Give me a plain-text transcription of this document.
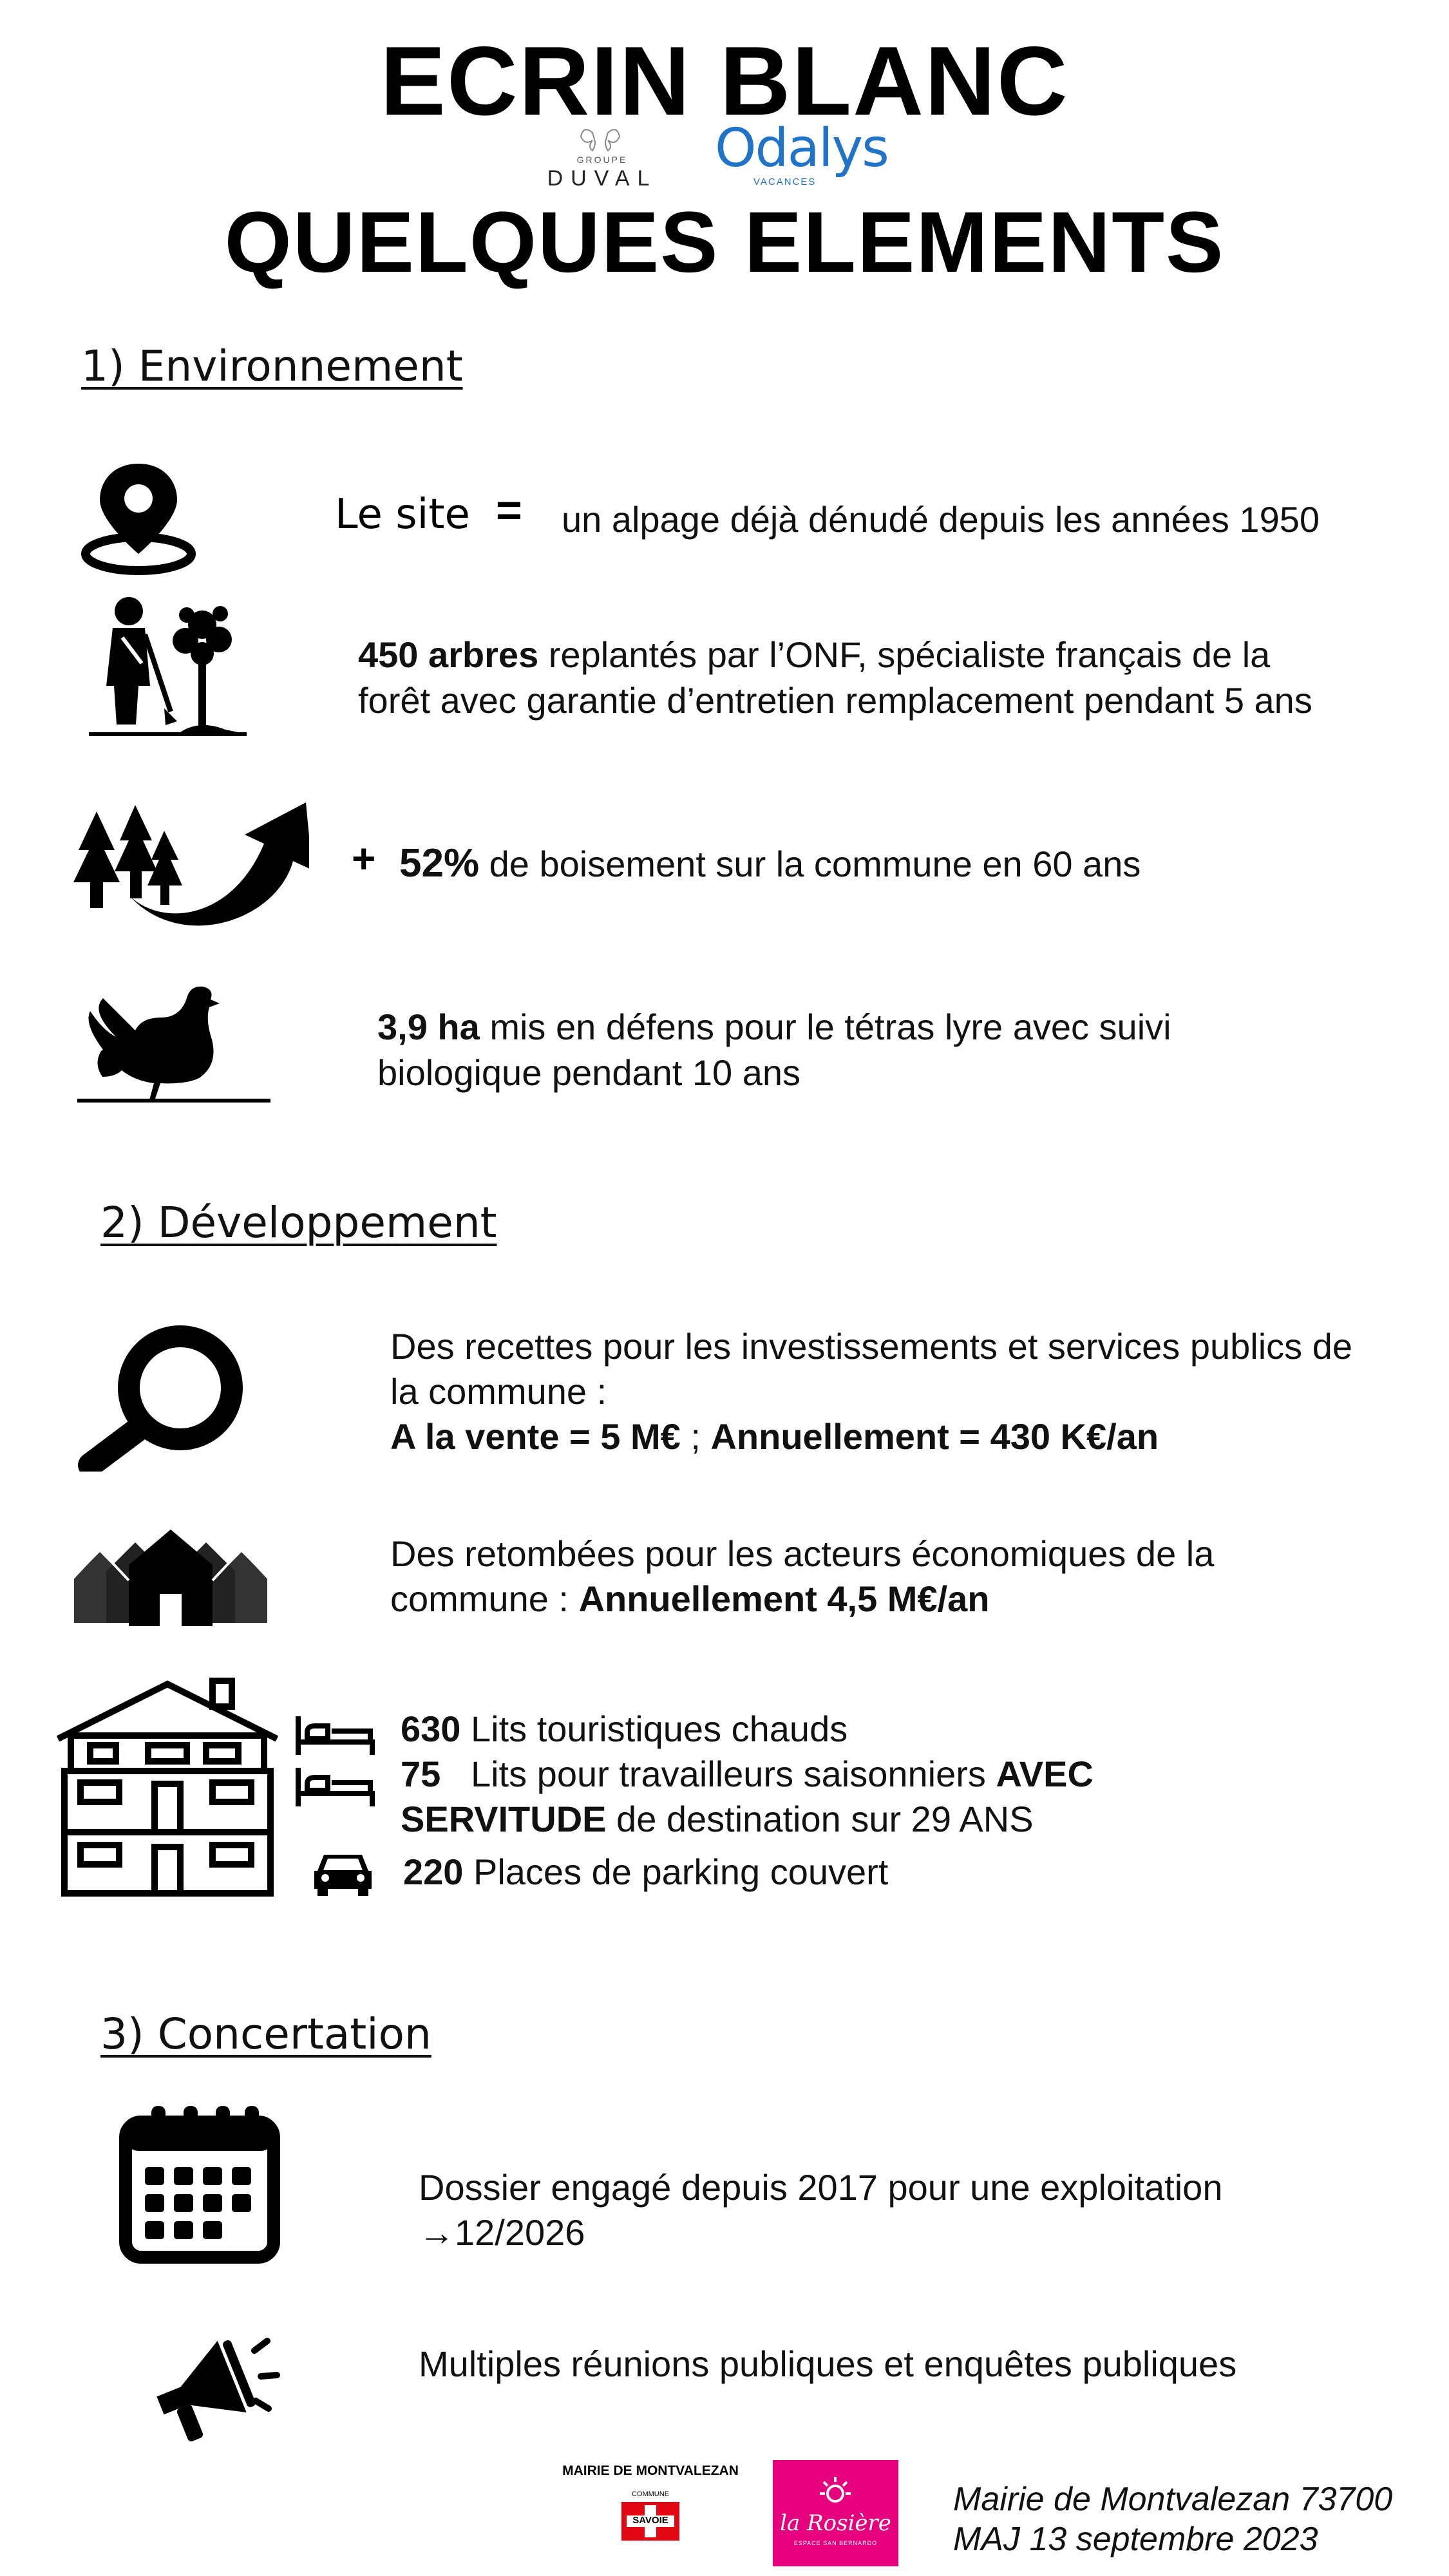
ECRIN BLANC
GROUPE
DUVAL	Odalys
VACANCES
QUELQUES ELEMENTS
1) Environnement
Le site = un alpage déjà dénudé depuis les années 1950
450 arbres replantés par l’ONF, spécialiste français de la
forêt avec garantie d’entretien remplacement pendant 5 ans
+ 52% de boisement sur la commune en 60 ans
3,9 ha mis en défens pour le tétras lyre avec suivi
biologique pendant 10 ans
2) Développement
Des recettes pour les investissements et services publics de
la commune :
A la vente = 5 M€ ; Annuellement = 430 K€/an
Des retombées pour les acteurs économiques de la
commune : Annuellement 4,5 M€/an
630 Lits touristiques chauds
75   Lits pour travailleurs saisonniers AVEC
SERVITUDE de destination sur 29 ANS
220 Places de parking couvert
3) Concertation
Dossier engagé depuis 2017 pour une exploitation
→12/2026
Multiples réunions publiques et enquêtes publiques
MAIRIE DE MONTVALEZAN
COMMUNE
SAVOIE	la Rosière
ESPACE SAN BERNARDO
Mairie de Montvalezan 73700
MAJ 13 septembre 2023
